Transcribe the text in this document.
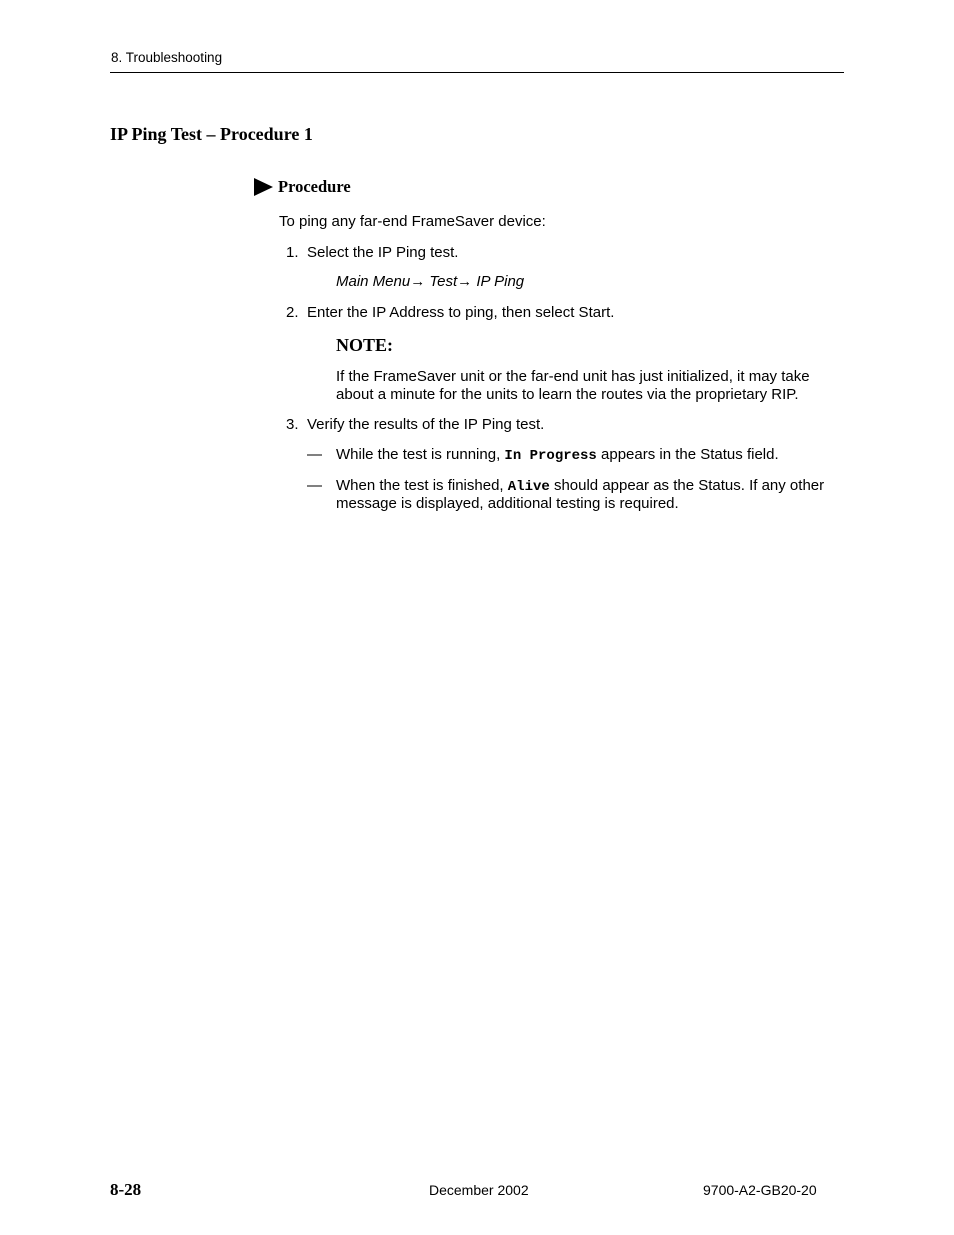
8. Troubleshooting
IP Ping Test – Procedure 1
Procedure
To ping any far-end FrameSaver device:
1. Select the IP Ping test.
Main Menu→ Test→ IP Ping
2. Enter the IP Address to ping, then select Start.
NOTE:
If the FrameSaver unit or the far-end unit has just initialized, it may take
about a minute for the units to learn the routes via the proprietary RIP.
3. Verify the results of the IP Ping test.
— While the test is running, In Progress appears in the Status field.
— When the test is finished, Alive should appear as the Status. If any other
message is displayed, additional testing is required.
8-28	December 2002	9700-A2-GB20-20
